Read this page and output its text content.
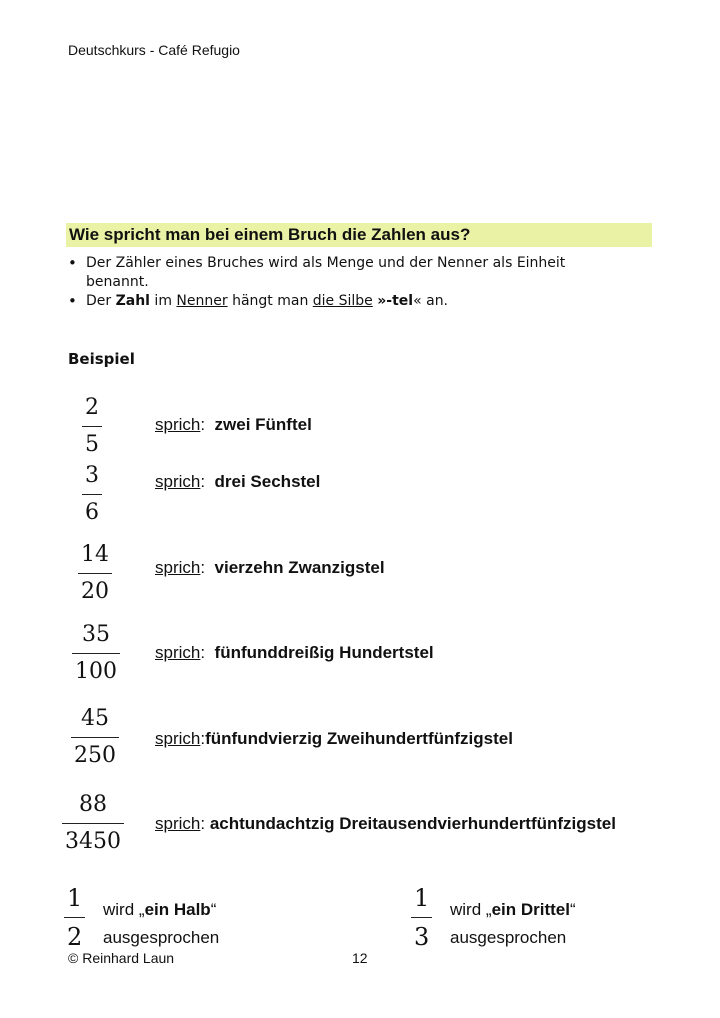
Deutschkurs - Café Refugio
Wie spricht man bei einem Bruch die Zahlen aus?
• Der Zähler eines Bruches wird als Menge und der Nenner als Einheit benannt.
• Der Zahl im Nenner hängt man die Silbe »-tel« an.
Beispiel
2
5
sprich:  zwei Fünftel
3
6
sprich:  drei Sechstel
14
20
sprich:  vierzehn Zwanzigstel
35
100
sprich:  fünfunddreißig Hundertstel
45
250
sprich:fünfundvierzig Zweihundertfünfzigstel
88
3450
sprich: achtundachtzig Dreitausendvierhundertfünfzigstel
1
2
wird „ein Halb“
ausgesprochen
1
3
wird „ein Drittel“
ausgesprochen
© Reinhard Laun	12
